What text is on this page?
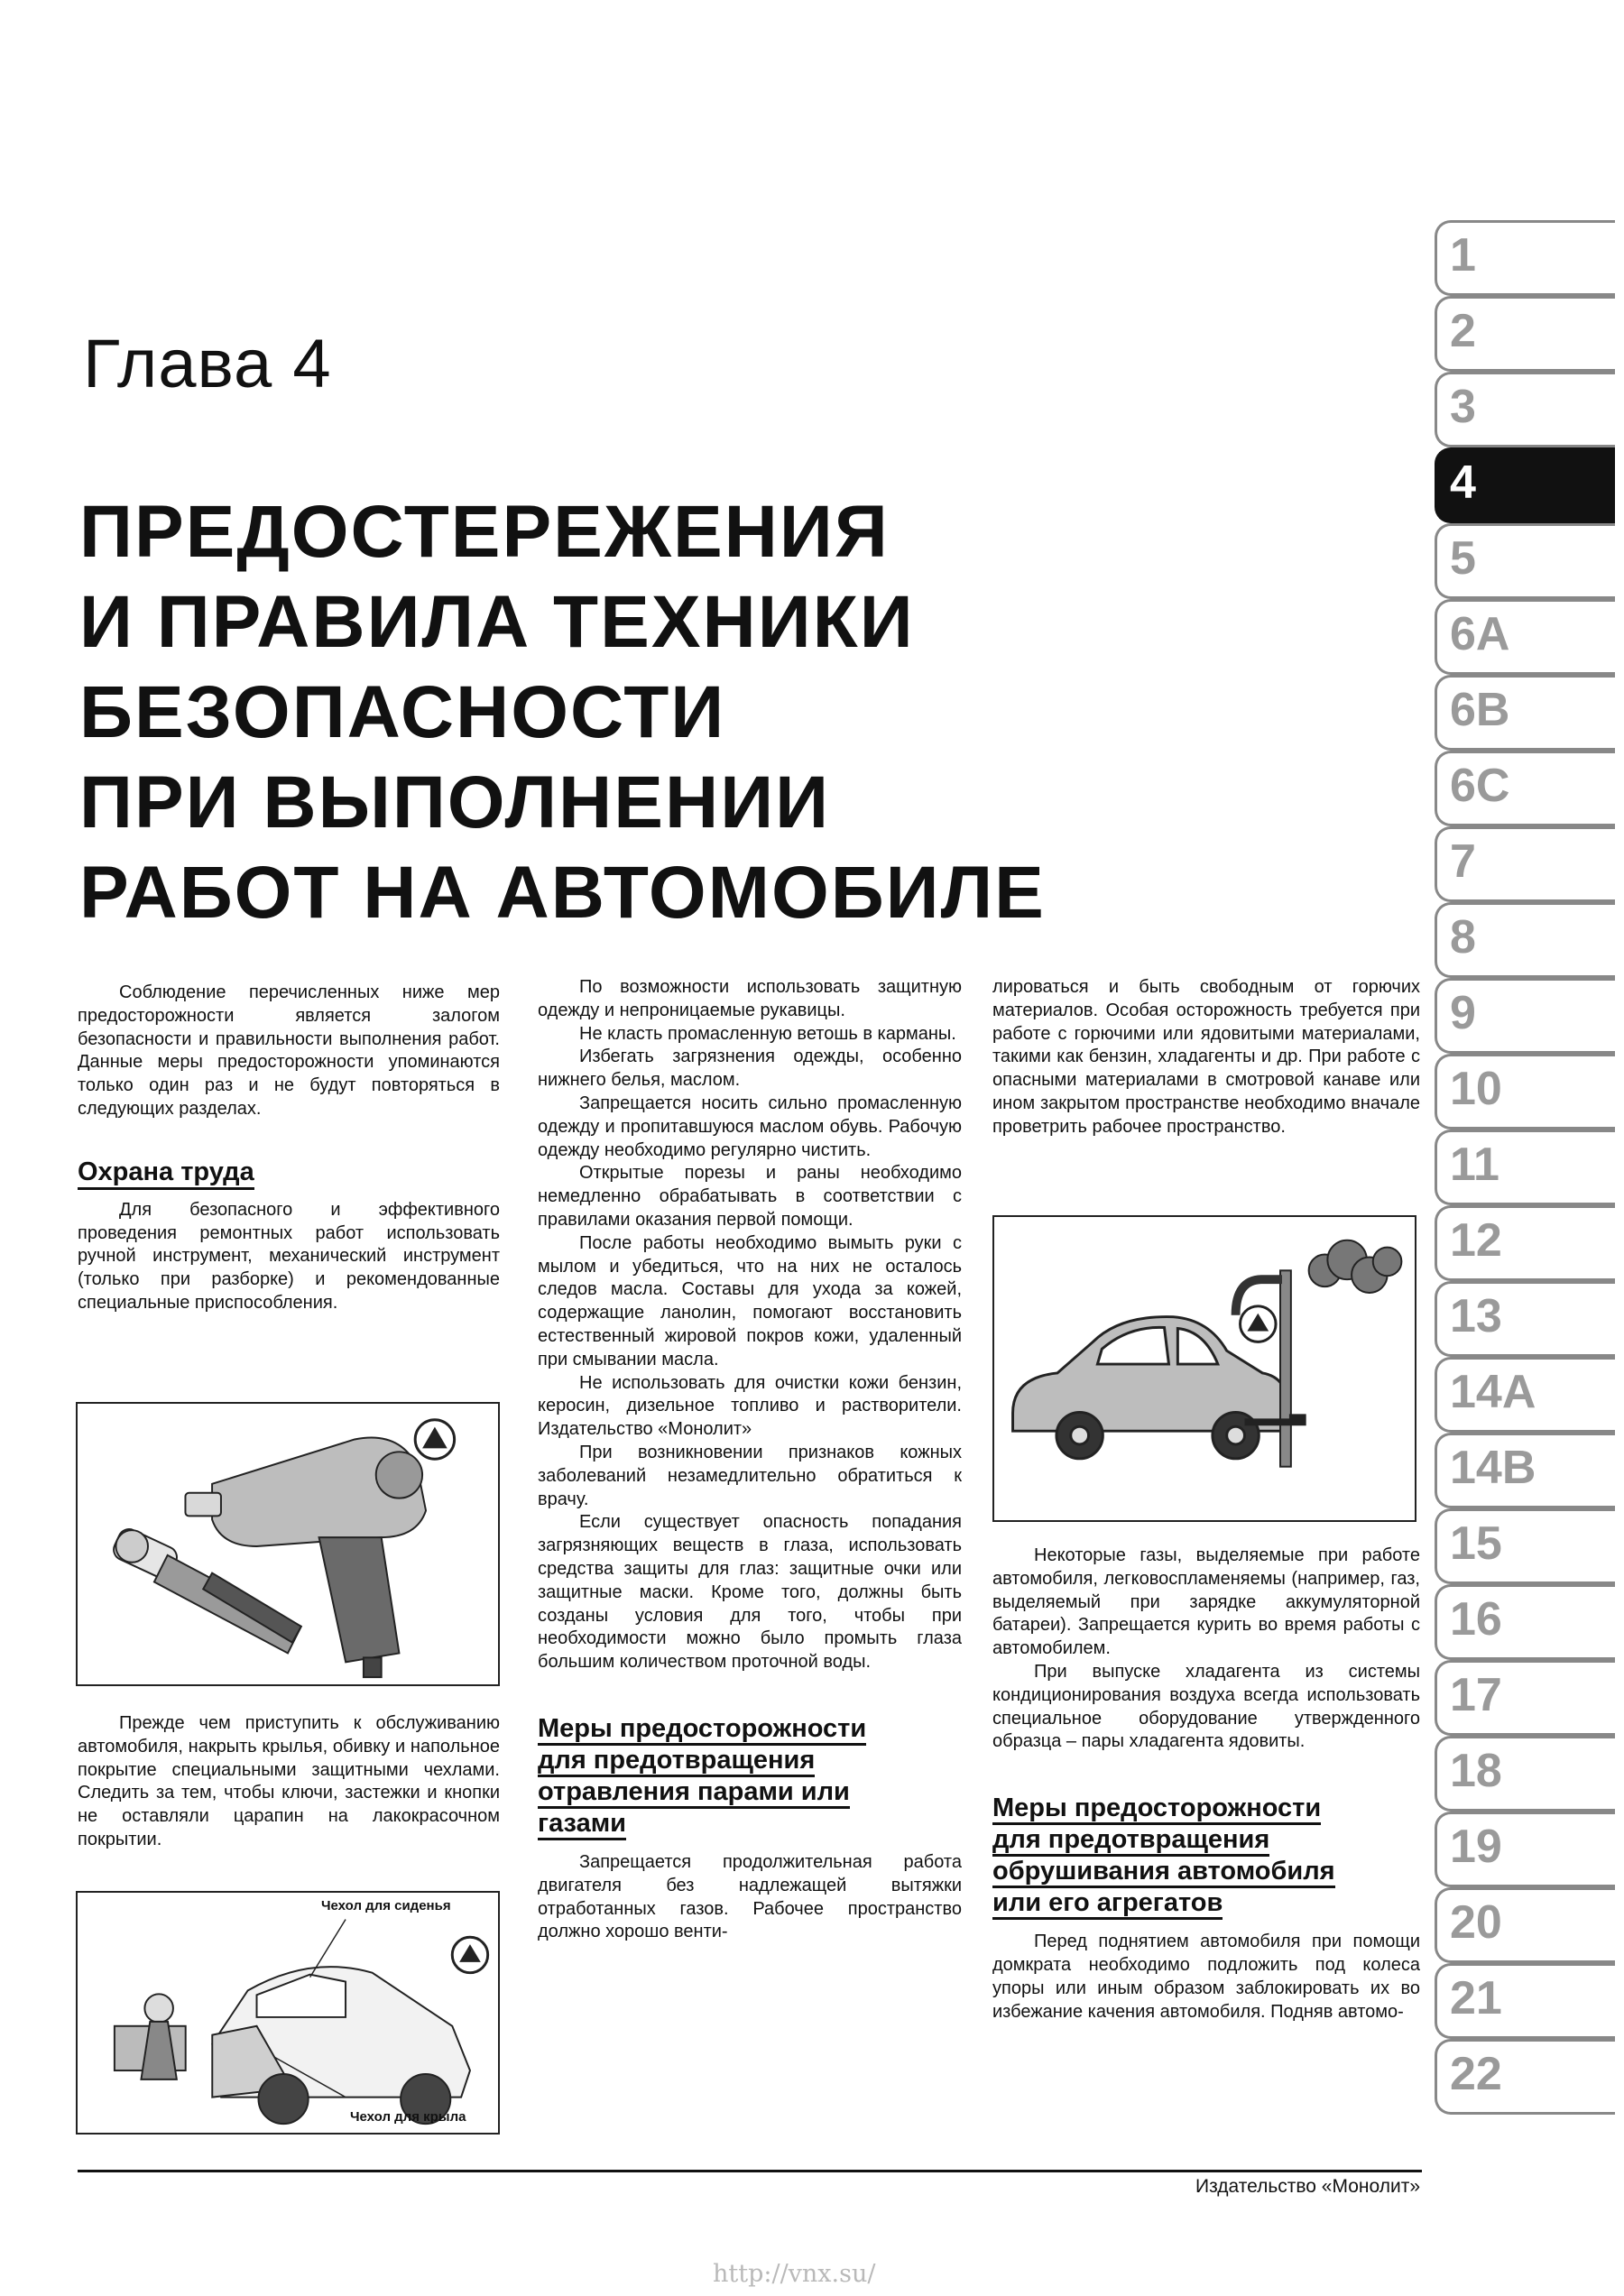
Глава 4
ПРЕДОСТЕРЕЖЕНИЯ
И ПРАВИЛА ТЕХНИКИ
БЕЗОПАСНОСТИ
ПРИ ВЫПОЛНЕНИИ
РАБОТ НА АВТОМОБИЛЕ

Соблюдение перечисленных ниже мер предосторожности является залогом безопасности и правильности выполнения работ. Данные меры предосторожности упоминаются только один раз и не будут повторяться в следующих разделах.

Охрана труда

Для безопасного и эффективного проведения ремонтных работ использовать ручной инструмент, механический инструмент (только при разборке) и рекомендованные специальные приспособления.

Прежде чем приступить к обслуживанию автомобиля, накрыть крылья, обивку и напольное покрытие специальными защитными чехлами. Следить за тем, чтобы ключи, застежки и кнопки не оставляли царапин на лакокрасочном покрытии.

Чехол для сиденья
Чехол для крыла

По возможности использовать защитную одежду и непроницаемые рукавицы.

Не класть промасленную ветошь в карманы.

Избегать загрязнения одежды, особенно нижнего белья, маслом.

Запрещается носить сильно промасленную одежду и пропитавшуюся маслом обувь. Рабочую одежду необходимо регулярно чистить.

Открытые порезы и раны необходимо немедленно обрабатывать в соответствии с правилами оказания первой помощи.

После работы необходимо вымыть руки с мылом и убедиться, что на них не осталось следов масла. Составы для ухода за кожей, содержащие ланолин, помогают восстановить естественный жировой покров кожи, удаленный при смывании масла.

Не использовать для очистки кожи бензин, керосин, дизельное топливо и растворители. Издательство «Монолит»

При возникновении признаков кожных заболеваний незамедлительно обратиться к врачу.

Если существует опасность попадания загрязняющих веществ в глаза, использовать средства защиты для глаз: защитные очки или защитные маски. Кроме того, должны быть созданы условия для того, чтобы при необходимости можно было промыть глаза большим количеством проточной воды.

Меры предосторожности
для предотвращения
отравления парами или
газами

Запрещается продолжительная работа двигателя без надлежащей вытяжки отработанных газов. Рабочее пространство должно хорошо венти-

лироваться и быть свободным от горючих материалов. Особая осторожность требуется при работе с горючими или ядовитыми материалами, такими как бензин, хладагенты и др. При работе с опасными материалами в смотровой канаве или ином закрытом пространстве необходимо вначале проветрить рабочее пространство.

Некоторые газы, выделяемые при работе автомобиля, легковоспламеняемы (например, газ, выделяемый при зарядке аккумуляторной батареи). Запрещается курить во время работы с автомобилем.

При выпуске хладагента из системы кондиционирования воздуха всегда использовать специальное оборудование утвержденного образца – пары хладагента ядовиты.

Меры предосторожности
для предотвращения
обрушивания автомобиля
или его агрегатов

Перед поднятием автомобиля при помощи домкрата необходимо подложить под колеса упоры или иным образом заблокировать их во избежание качения автомобиля. Подняв автомо-

1
2
3
4
5
6A
6B
6C
7
8
9
10
11
12
13
14A
14B
15
16
17
18
19
20
21
22
Издательство «Монолит»
http://vnx.su/
